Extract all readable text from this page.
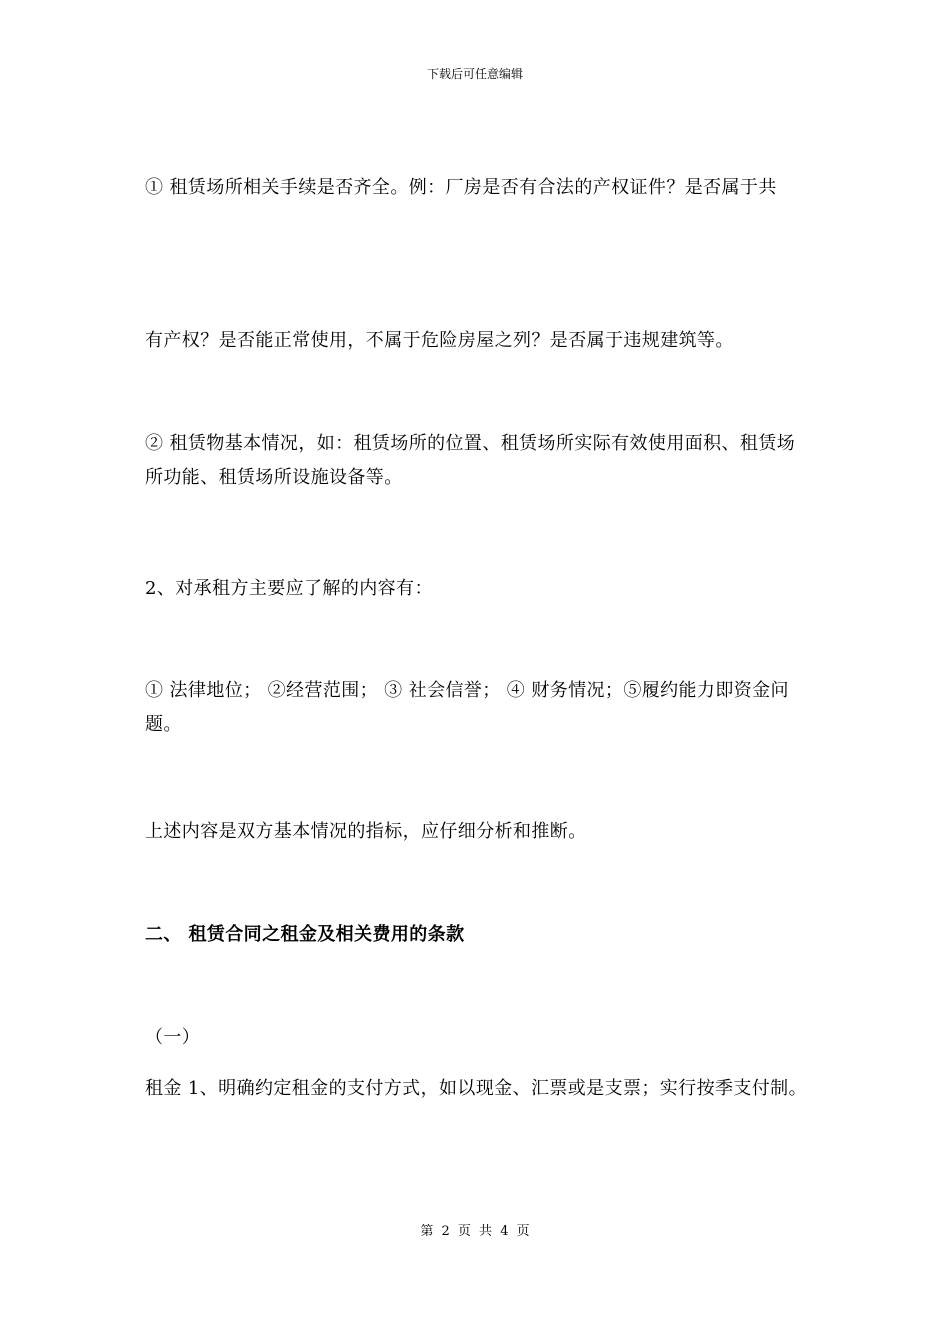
下载后可任意编辑

① 租赁场所相关手续是否齐全。例：厂房是否有合法的产权证件？是否属于共

有产权？是否能正常使用，不属于危险房屋之列？是否属于违规建筑等。

② 租赁物基本情况，如：租赁场所的位置、租赁场所实际有效使用面积、租赁场所功能、租赁场所设施设备等。

2、对承租方主要应了解的内容有：

① 法律地位； ②经营范围； ③ 社会信誉； ④ 财务情况；⑤履约能力即资金问题。

上述内容是双方基本情况的指标，应仔细分析和推断。

二、 租赁合同之租金及相关费用的条款

（一）

租金 1、明确约定租金的支付方式，如以现金、汇票或是支票；实行按季支付制。

第 2 页 共 4 页
